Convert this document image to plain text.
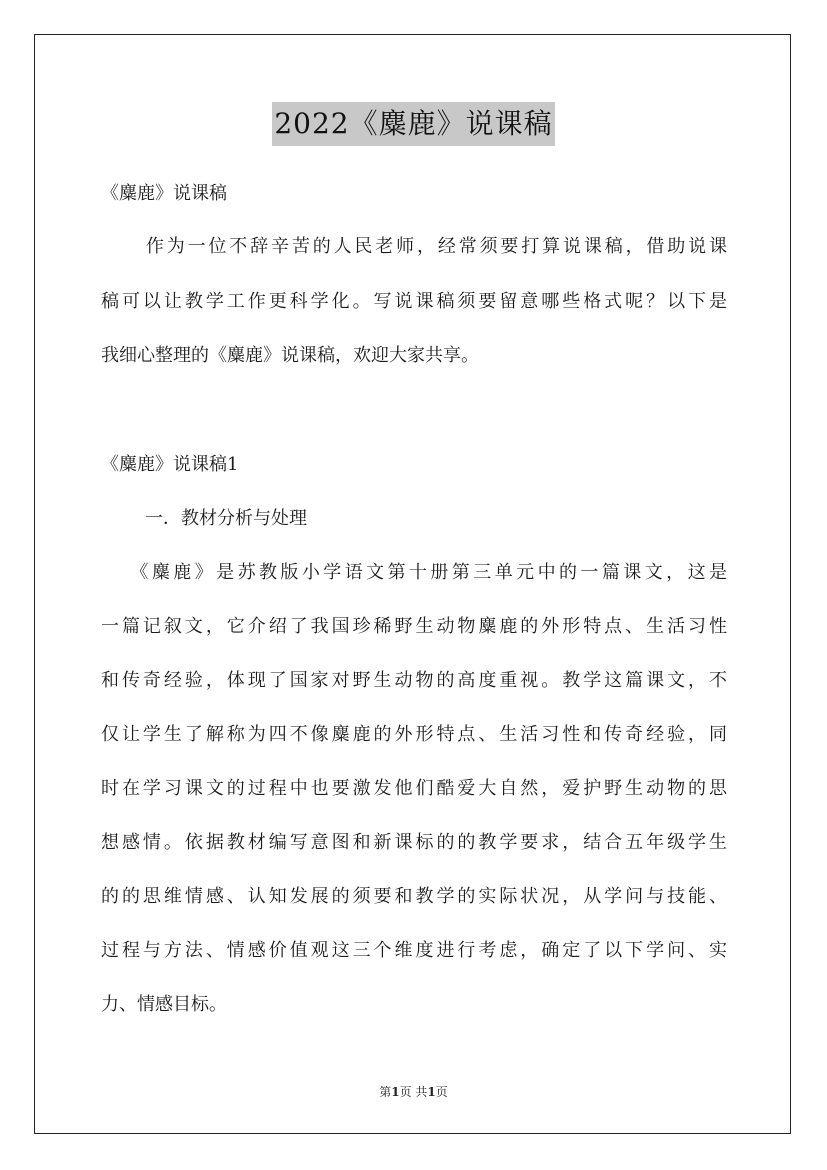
2022《麋鹿》说课稿
《麋鹿》说课稿
作为一位不辞辛苦的人民老师，经常须要打算说课稿，借助说课
稿可以让教学工作更科学化。写说课稿须要留意哪些格式呢？以下是
我细心整理的《麋鹿》说课稿，欢迎大家共享。
《麋鹿》说课稿1
一．教材分析与处理
《麋鹿》是苏教版小学语文第十册第三单元中的一篇课文，这是
一篇记叙文，它介绍了我国珍稀野生动物麋鹿的外形特点、生活习性
和传奇经验，体现了国家对野生动物的高度重视。教学这篇课文，不
仅让学生了解称为四不像麋鹿的外形特点、生活习性和传奇经验，同
时在学习课文的过程中也要激发他们酷爱大自然，爱护野生动物的思
想感情。依据教材编写意图和新课标的的教学要求，结合五年级学生
的的思维情感、认知发展的须要和教学的实际状况，从学问与技能、
过程与方法、情感价值观这三个维度进行考虑，确定了以下学问、实
力、情感目标。
第1页 共1页
